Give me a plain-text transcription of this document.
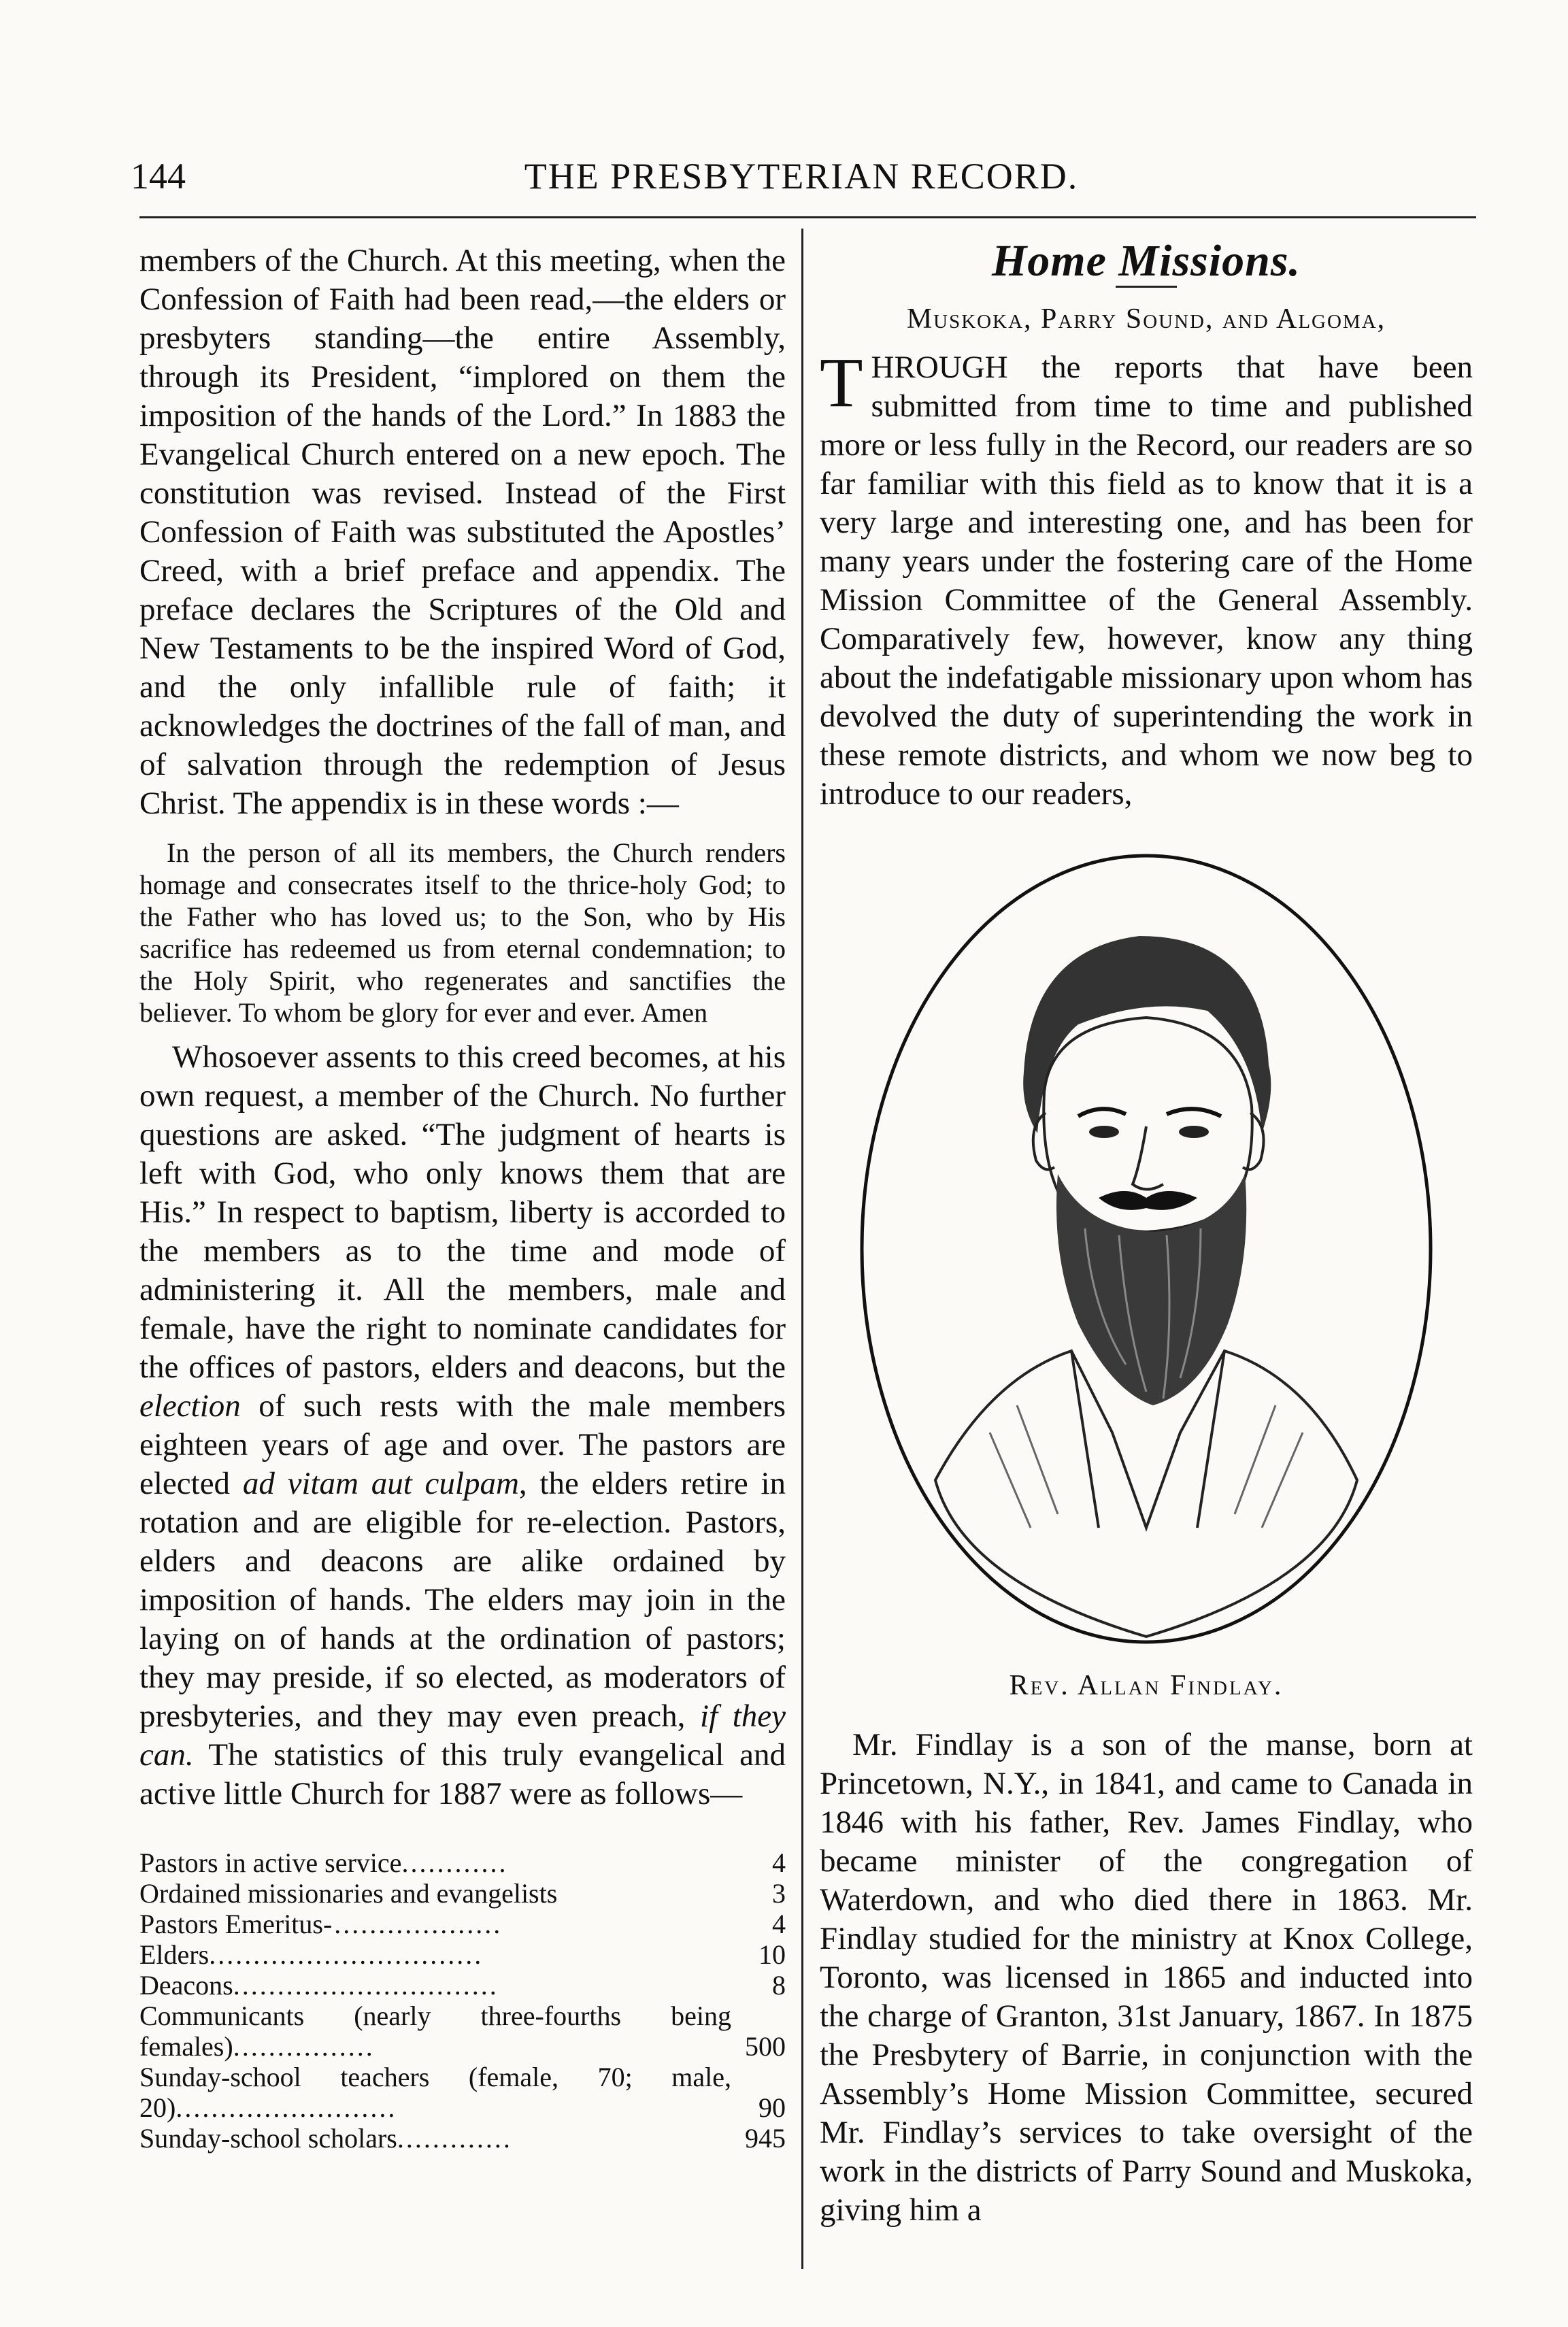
144	THE PRESBYTERIAN RECORD.

members of the Church. At this meeting, when the Confession of Faith had been read,—the elders or presbyters standing—the entire Assembly, through its President, “implored on them the imposition of the hands of the Lord.” In 1883 the Evangelical Church entered on a new epoch. The constitution was revised. Instead of the First Confession of Faith was substituted the Apostles’ Creed, with a brief preface and appendix. The preface declares the Scriptures of the Old and New Testaments to be the inspired Word of God, and the only infallible rule of faith; it acknowledges the doctrines of the fall of man, and of salvation through the redemption of Jesus Christ. The appendix is in these words :—

In the person of all its members, the Church renders homage and consecrates itself to the thrice-holy God; to the Father who has loved us; to the Son, who by His sacrifice has redeemed us from eternal condemnation; to the Holy Spirit, who regenerates and sanctifies the believer. To whom be glory for ever and ever. Amen

Whosoever assents to this creed becomes, at his own request, a member of the Church. No further questions are asked. “The judgment of hearts is left with God, who only knows them that are His.” In respect to baptism, liberty is accorded to the members as to the time and mode of administering it. All the members, male and female, have the right to nominate candidates for the offices of pastors, elders and deacons, but the election of such rests with the male members eighteen years of age and over. The pastors are elected ad vitam aut culpam, the elders retire in rotation and are eligible for re-election. Pastors, elders and deacons are alike ordained by imposition of hands. The elders may join in the laying on of hands at the ordination of pastors; they may preside, if so elected, as moderators of presbyteries, and they may even preach, if they can. The statistics of this truly evangelical and active little Church for 1887 were as follows—

Pastors in active service............	4
Ordained missionaries and evangelists	3
Pastors Emeritus-...................	4
Elders...............................	10
Deacons..............................	8
Communicants (nearly three-fourths being females)................	500
Sunday-school teachers (female, 70; male, 20).........................	90
Sunday-school scholars.............	945

Home Missions.

Muskoka, Parry Sound, and Algoma,

THROUGH the reports that have been submitted from time to time and published more or less fully in the Record, our readers are so far familiar with this field as to know that it is a very large and interesting one, and has been for many years under the fostering care of the Home Mission Committee of the General Assembly. Comparatively few, however, know any thing about the indefatigable missionary upon whom has devolved the duty of superintending the work in these remote districts, and whom we now beg to introduce to our readers,

Rev. Allan Findlay.

Mr. Findlay is a son of the manse, born at Princetown, N.Y., in 1841, and came to Canada in 1846 with his father, Rev. James Findlay, who became minister of the congregation of Waterdown, and who died there in 1863. Mr. Findlay studied for the ministry at Knox College, Toronto, was licensed in 1865 and inducted into the charge of Granton, 31st January, 1867. In 1875 the Presbytery of Barrie, in conjunction with the Assembly’s Home Mission Committee, secured Mr. Findlay’s services to take oversight of the work in the districts of Parry Sound and Muskoka, giving him a
